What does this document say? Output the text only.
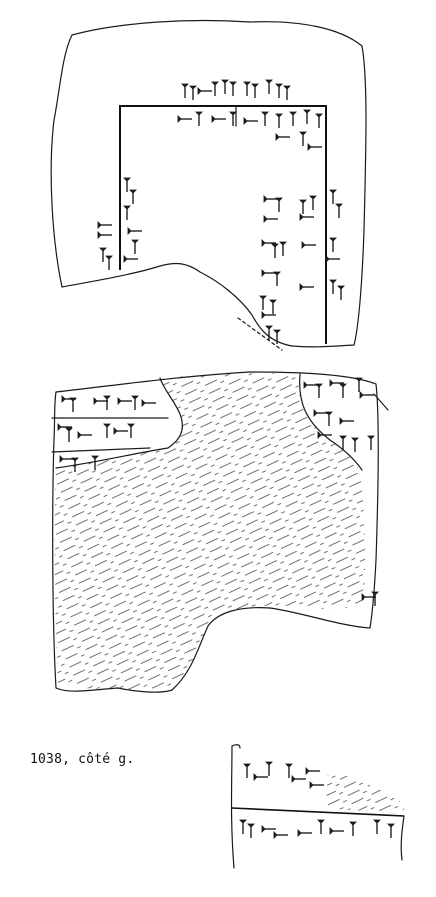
1038, côté g.
